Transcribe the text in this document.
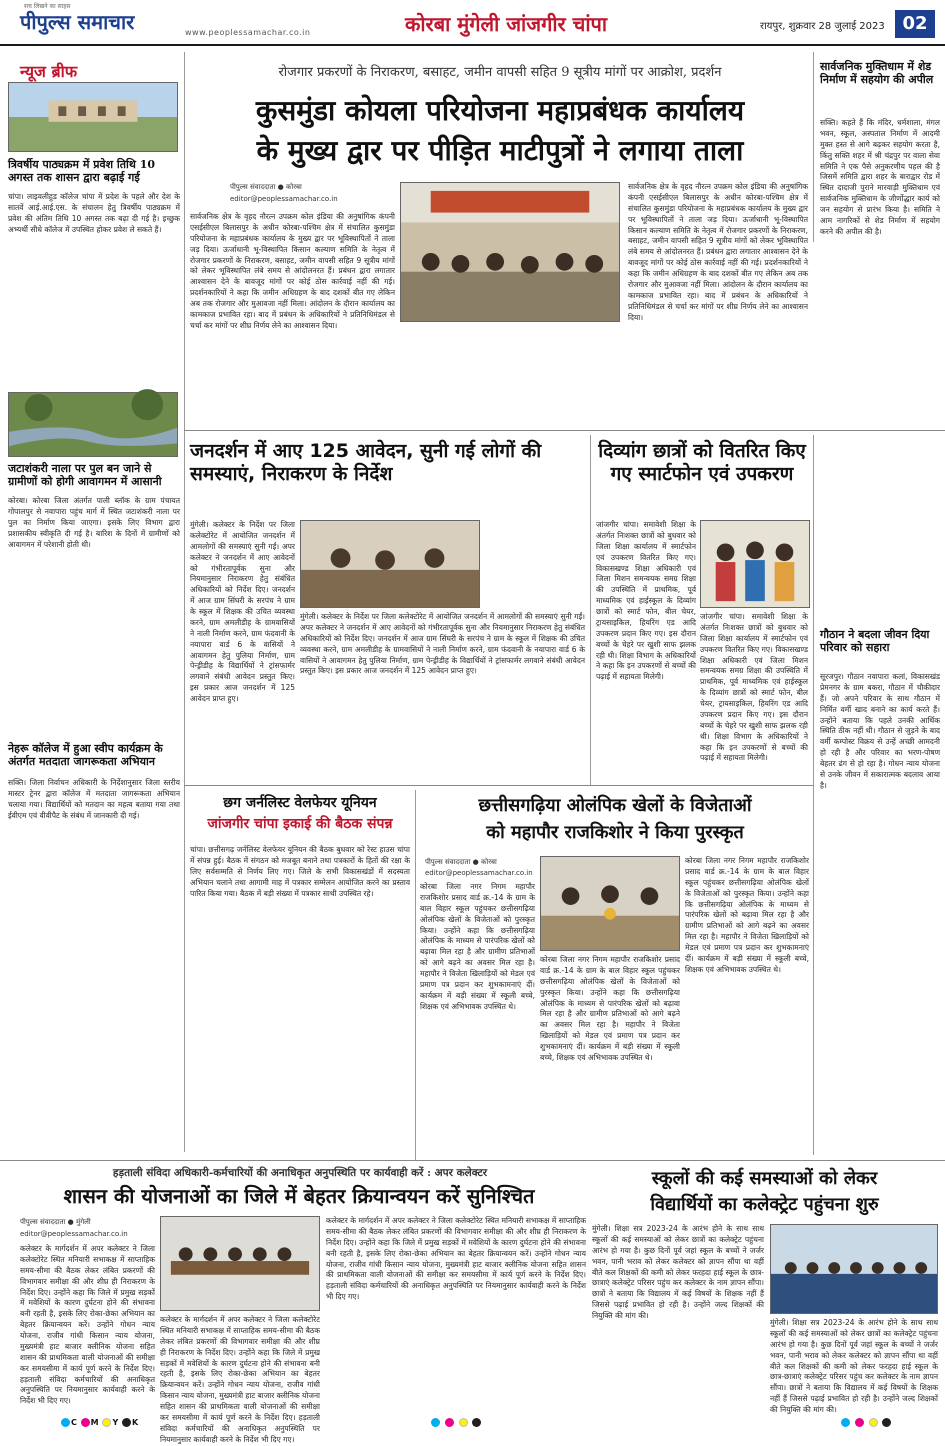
सच लिखने का साहस
पीपुल्स समाचार	www.peoplessamachar.co.in	कोरबा मुंगेली जांजगीर चांपा	रायपुर, शुक्रवार 28 जुलाई 2023 02
न्यूज ब्रीफ
त्रिवर्षीय पाठ्यक्रम में प्रवेश तिथि 10 अगस्त तक शासन द्वारा बढ़ाई गई
चांपा। लाइवलीहुड कॉलेज चांपा में प्रदेश के पहले और देश के सातवें आई.आई.एस. के संचालन हेतु त्रिवर्षीय पाठ्यक्रम में प्रवेश की अंतिम तिथि 10 अगस्त तक बढ़ा दी गई है। इच्छुक अभ्यर्थी सीधे कॉलेज में उपस्थित होकर प्रवेश ले सकते हैं।
जटाशंकरी नाला पर पुल बन जाने से ग्रामीणों को होगी आवागमन में आसानी
कोरबा। कोरबा जिला अंतर्गत पाली ब्लॉक के ग्राम पंचायत गोपालपुर से नवापारा पहुंच मार्ग में स्थित जटाशंकरी नाला पर पुल का निर्माण किया जाएगा। इसके लिए विभाग द्वारा प्रशासकीय स्वीकृति दी गई है। बारिश के दिनों में ग्रामीणों को आवागमन में परेशानी होती थी।
नेहरू कॉलेज में हुआ स्वीप कार्यक्रम के अंतर्गत मतदाता जागरूकता अभियान
सक्ति। जिला निर्वाचन अधिकारी के निर्देशानुसार जिला स्तरीय मास्टर ट्रेनर द्वारा कॉलेज में मतदाता जागरूकता अभियान चलाया गया। विद्यार्थियों को मतदान का महत्व बताया गया तथा ईवीएम एवं वीवीपैट के संबंध में जानकारी दी गई।
रोजगार प्रकरणों के निराकरण, बसाहट, जमीन वापसी सहित 9 सूत्रीय मांगों पर आक्रोश, प्रदर्शन
कुसमुंडा कोयला परियोजना महाप्रबंधक कार्यालय
के मुख्य द्वार पर पीड़ित माटीपुत्रों ने लगाया ताला
पीपुल्स संवाददाता ● कोरबा
editor@peoplessamachar.co.in
सार्वजनिक क्षेत्र के वृहद नौरत्न उपक्रम कोल इंडिया की अनुषांगिक कंपनी एसईसीएल बिलासपुर के अधीन कोरबा-पश्चिम क्षेत्र में संचालित कुसमुंडा परियोजना के महाप्रबंधक कार्यालय के मुख्य द्वार पर भूविस्थापितों ने ताला जड़ दिया। ऊर्जाधानी भू-विस्थापित किसान कल्याण समिति के नेतृत्व में रोजगार प्रकरणों के निराकरण, बसाहट, जमीन वापसी सहित 9 सूत्रीय मांगों को लेकर भूविस्थापित लंबे समय से आंदोलनरत हैं। प्रबंधन द्वारा लगातार आश्वासन देने के बावजूद मांगों पर कोई ठोस कार्रवाई नहीं की गई। प्रदर्शनकारियों ने कहा कि जमीन अधिग्रहण के बाद दशकों बीत गए लेकिन अब तक रोजगार और मुआवजा नहीं मिला। आंदोलन के दौरान कार्यालय का कामकाज प्रभावित रहा। बाद में प्रबंधन के अधिकारियों ने प्रतिनिधिमंडल से चर्चा कर मांगों पर शीघ्र निर्णय लेने का आश्वासन दिया।
सार्वजनिक क्षेत्र के वृहद नौरत्न उपक्रम कोल इंडिया की अनुषांगिक कंपनी एसईसीएल बिलासपुर के अधीन कोरबा-पश्चिम क्षेत्र में संचालित कुसमुंडा परियोजना के महाप्रबंधक कार्यालय के मुख्य द्वार पर भूविस्थापितों ने ताला जड़ दिया। ऊर्जाधानी भू-विस्थापित किसान कल्याण समिति के नेतृत्व में रोजगार प्रकरणों के निराकरण, बसाहट, जमीन वापसी सहित 9 सूत्रीय मांगों को लेकर भूविस्थापित लंबे समय से आंदोलनरत हैं। प्रबंधन द्वारा लगातार आश्वासन देने के बावजूद मांगों पर कोई ठोस कार्रवाई नहीं की गई। प्रदर्शनकारियों ने कहा कि जमीन अधिग्रहण के बाद दशकों बीत गए लेकिन अब तक रोजगार और मुआवजा नहीं मिला। आंदोलन के दौरान कार्यालय का कामकाज प्रभावित रहा। बाद में प्रबंधन के अधिकारियों ने प्रतिनिधिमंडल से चर्चा कर मांगों पर शीघ्र निर्णय लेने का आश्वासन दिया।
सार्वजनिक मुक्तिधाम में शेड निर्माण में सहयोग की अपील
सक्ति। कहते हैं कि मंदिर, धर्मशाला, मंगल भवन, स्कूल, अस्पताल निर्माण में आदमी मुक्त हस्त से आगे बढ़कर सहयोग करता है, किंतु सक्ति शहर में श्री चंद्रपुर पर वाला सेवा समिति ने एक पैसे अनुकरणीय पहल की है जिसमें समिति द्वारा शहर के बाराद्वार रोड में स्थित दादाजी पुराने मारवाड़ी मुक्तिधाम एवं सार्वजनिक मुक्तिधाम के जीर्णोद्धार कार्य को जन सहयोग से प्रारंभ किया है। समिति ने आम नागरिकों से शेड निर्माण में सहयोग करने की अपील की है।
जनदर्शन में आए 125 आवेदन, सुनी गई लोगों की समस्याएं, निराकरण के निर्देश
मुंगेली। कलेक्टर के निर्देश पर जिला कलेक्टोरेट में आयोजित जनदर्शन में आमलोगों की समस्याएं सुनी गईं। अपर कलेक्टर ने जनदर्शन में आए आवेदनों को गंभीरतापूर्वक सुना और नियमानुसार निराकरण हेतु संबंधित अधिकारियों को निर्देश दिए। जनदर्शन में आज ग्राम सिंघरी के सरपंच ने ग्राम के स्कूल में शिक्षक की उचित व्यवस्था करने, ग्राम अमलीडीह के ग्रामवासियों ने नाली निर्माण करने, ग्राम फंदवानी के नयापारा वार्ड 6 के वासियों ने आवागमन हेतु पुलिया निर्माण, ग्राम पेन्ड्रीडीह के विद्यार्थियों ने ट्रांसफार्मर लगवाने संबंधी आवेदन प्रस्तुत किए। इस प्रकार आज जनदर्शन में 125 आवेदन प्राप्त हुए।
मुंगेली। कलेक्टर के निर्देश पर जिला कलेक्टोरेट में आयोजित जनदर्शन में आमलोगों की समस्याएं सुनी गईं। अपर कलेक्टर ने जनदर्शन में आए आवेदनों को गंभीरतापूर्वक सुना और नियमानुसार निराकरण हेतु संबंधित अधिकारियों को निर्देश दिए। जनदर्शन में आज ग्राम सिंघरी के सरपंच ने ग्राम के स्कूल में शिक्षक की उचित व्यवस्था करने, ग्राम अमलीडीह के ग्रामवासियों ने नाली निर्माण करने, ग्राम फंदवानी के नयापारा वार्ड 6 के वासियों ने आवागमन हेतु पुलिया निर्माण, ग्राम पेन्ड्रीडीह के विद्यार्थियों ने ट्रांसफार्मर लगवाने संबंधी आवेदन प्रस्तुत किए। इस प्रकार आज जनदर्शन में 125 आवेदन प्राप्त हुए।
दिव्यांग छात्रों को वितरित किए गए स्मार्टफोन एवं उपकरण
जांजगीर चांपा। समावेशी शिक्षा के अंतर्गत निःशक्त छात्रों को बुधवार को जिला शिक्षा कार्यालय में स्मार्टफोन एवं उपकरण वितरित किए गए। विकासखण्ड शिक्षा अधिकारी एवं जिला मिशन समन्वयक समग्र शिक्षा की उपस्थिति में प्राथमिक, पूर्व माध्यमिक एवं हाईस्कूल के दिव्यांग छात्रों को स्मार्ट फोन, बील चेयर, ट्रायसाइकिल, हियरिंग एड आदि उपकरण प्रदान किए गए। इस दौरान बच्चों के चेहरे पर खुशी साफ झलक रही थी। शिक्षा विभाग के अधिकारियों ने कहा कि इन उपकरणों से बच्चों की पढ़ाई में सहायता मिलेगी।
जांजगीर चांपा। समावेशी शिक्षा के अंतर्गत निःशक्त छात्रों को बुधवार को जिला शिक्षा कार्यालय में स्मार्टफोन एवं उपकरण वितरित किए गए। विकासखण्ड शिक्षा अधिकारी एवं जिला मिशन समन्वयक समग्र शिक्षा की उपस्थिति में प्राथमिक, पूर्व माध्यमिक एवं हाईस्कूल के दिव्यांग छात्रों को स्मार्ट फोन, बील चेयर, ट्रायसाइकिल, हियरिंग एड आदि उपकरण प्रदान किए गए। इस दौरान बच्चों के चेहरे पर खुशी साफ झलक रही थी। शिक्षा विभाग के अधिकारियों ने कहा कि इन उपकरणों से बच्चों की पढ़ाई में सहायता मिलेगी।
गौठान ने बदला जीवन दिया परिवार को सहारा
सूरजपुर। गौठान नवापारा कलां, विकासखंड प्रेमनगर के ग्राम बकरा, गौठान में चौकीदार हैं। जो अपने परिवार के साथ गौठान में निर्मित वर्मी खाद बनाने का कार्य करते हैं। उन्होंने बताया कि पहले उनकी आर्थिक स्थिति ठीक नहीं थी। गौठान से जुड़ने के बाद वर्मी कम्पोस्ट विक्रय से उन्हें अच्छी आमदनी हो रही है और परिवार का भरण-पोषण बेहतर ढंग से हो रहा है। गोधन न्याय योजना से उनके जीवन में सकारात्मक बदलाव आया है।
छग जर्नलिस्ट वेलफेयर यूनियन
जांजगीर चांपा इकाई की बैठक संपन्न
चांपा। छत्तीसगढ़ जर्नलिस्ट वेलफेयर यूनियन की बैठक बुधवार को रेस्ट हाउस चांपा में संपन्न हुई। बैठक में संगठन को मजबूत बनाने तथा पत्रकारों के हितों की रक्षा के लिए सर्वसम्मति से निर्णय लिए गए। जिले के सभी विकासखंडों में सदस्यता अभियान चलाने तथा आगामी माह में पत्रकार सम्मेलन आयोजित करने का प्रस्ताव पारित किया गया। बैठक में बड़ी संख्या में पत्रकार साथी उपस्थित रहे।
छत्तीसगढ़िया ओलंपिक खेलों के विजेताओं
को महापौर राजकिशोर ने किया पुरस्कृत
पीपुल्स संवाददाता ● कोरबा
editor@peoplessamachar.co.in
कोरबा जिला नगर निगम महापौर राजकिशोर प्रसाद वार्ड क्र.-14 के ग्राम के बाल विहार स्कूल पहुंचकर छत्तीसगढ़िया ओलंपिक खेलों के विजेताओं को पुरस्कृत किया। उन्होंने कहा कि छत्तीसगढ़िया ओलंपिक के माध्यम से पारंपरिक खेलों को बढ़ावा मिल रहा है और ग्रामीण प्रतिभाओं को आगे बढ़ने का अवसर मिल रहा है। महापौर ने विजेता खिलाड़ियों को मेडल एवं प्रमाण पत्र प्रदान कर शुभकामनाएं दीं। कार्यक्रम में बड़ी संख्या में स्कूली बच्चे, शिक्षक एवं अभिभावक उपस्थित थे।
कोरबा जिला नगर निगम महापौर राजकिशोर प्रसाद वार्ड क्र.-14 के ग्राम के बाल विहार स्कूल पहुंचकर छत्तीसगढ़िया ओलंपिक खेलों के विजेताओं को पुरस्कृत किया। उन्होंने कहा कि छत्तीसगढ़िया ओलंपिक के माध्यम से पारंपरिक खेलों को बढ़ावा मिल रहा है और ग्रामीण प्रतिभाओं को आगे बढ़ने का अवसर मिल रहा है। महापौर ने विजेता खिलाड़ियों को मेडल एवं प्रमाण पत्र प्रदान कर शुभकामनाएं दीं। कार्यक्रम में बड़ी संख्या में स्कूली बच्चे, शिक्षक एवं अभिभावक उपस्थित थे।
कोरबा जिला नगर निगम महापौर राजकिशोर प्रसाद वार्ड क्र.-14 के ग्राम के बाल विहार स्कूल पहुंचकर छत्तीसगढ़िया ओलंपिक खेलों के विजेताओं को पुरस्कृत किया। उन्होंने कहा कि छत्तीसगढ़िया ओलंपिक के माध्यम से पारंपरिक खेलों को बढ़ावा मिल रहा है और ग्रामीण प्रतिभाओं को आगे बढ़ने का अवसर मिल रहा है। महापौर ने विजेता खिलाड़ियों को मेडल एवं प्रमाण पत्र प्रदान कर शुभकामनाएं दीं। कार्यक्रम में बड़ी संख्या में स्कूली बच्चे, शिक्षक एवं अभिभावक उपस्थित थे।
हड़ताली संविदा अधिकारी-कर्मचारियों की अनाधिकृत अनुपस्थिति पर कार्यवाही करें : अपर कलेक्टर
शासन की योजनाओं का जिले में बेहतर क्रियान्वयन करें सुनिश्चित
पीपुल्स संवाददाता ● मुंगेली
editor@peoplessamachar.co.in
कलेक्टर के मार्गदर्शन में अपर कलेक्टर ने जिला कलेक्टोरेट स्थित मनियारी सभाकक्ष में साप्ताहिक समय-सीमा की बैठक लेकर लंबित प्रकरणों की विभागवार समीक्षा की और शीघ्र ही निराकरण के निर्देश दिए। उन्होंने कहा कि जिले में प्रमुख सड़कों में मवेशियों के कारण दुर्घटना होने की संभावना बनी रहती है, इसके लिए रोका-छेका अभियान का बेहतर क्रियान्वयन करें। उन्होंने गोधन न्याय योजना, राजीव गांधी किसान न्याय योजना, मुख्यमंत्री हाट बाजार क्लीनिक योजना सहित शासन की प्राथमिकता वाली योजनाओं की समीक्षा कर समयसीमा में कार्य पूर्ण करने के निर्देश दिए। हड़ताली संविदा कर्मचारियों की अनाधिकृत अनुपस्थिति पर नियमानुसार कार्यवाही करने के निर्देश भी दिए गए।
कलेक्टर के मार्गदर्शन में अपर कलेक्टर ने जिला कलेक्टोरेट स्थित मनियारी सभाकक्ष में साप्ताहिक समय-सीमा की बैठक लेकर लंबित प्रकरणों की विभागवार समीक्षा की और शीघ्र ही निराकरण के निर्देश दिए। उन्होंने कहा कि जिले में प्रमुख सड़कों में मवेशियों के कारण दुर्घटना होने की संभावना बनी रहती है, इसके लिए रोका-छेका अभियान का बेहतर क्रियान्वयन करें। उन्होंने गोधन न्याय योजना, राजीव गांधी किसान न्याय योजना, मुख्यमंत्री हाट बाजार क्लीनिक योजना सहित शासन की प्राथमिकता वाली योजनाओं की समीक्षा कर समयसीमा में कार्य पूर्ण करने के निर्देश दिए। हड़ताली संविदा कर्मचारियों की अनाधिकृत अनुपस्थिति पर नियमानुसार कार्यवाही करने के निर्देश भी दिए गए।
कलेक्टर के मार्गदर्शन में अपर कलेक्टर ने जिला कलेक्टोरेट स्थित मनियारी सभाकक्ष में साप्ताहिक समय-सीमा की बैठक लेकर लंबित प्रकरणों की विभागवार समीक्षा की और शीघ्र ही निराकरण के निर्देश दिए। उन्होंने कहा कि जिले में प्रमुख सड़कों में मवेशियों के कारण दुर्घटना होने की संभावना बनी रहती है, इसके लिए रोका-छेका अभियान का बेहतर क्रियान्वयन करें। उन्होंने गोधन न्याय योजना, राजीव गांधी किसान न्याय योजना, मुख्यमंत्री हाट बाजार क्लीनिक योजना सहित शासन की प्राथमिकता वाली योजनाओं की समीक्षा कर समयसीमा में कार्य पूर्ण करने के निर्देश दिए। हड़ताली संविदा कर्मचारियों की अनाधिकृत अनुपस्थिति पर नियमानुसार कार्यवाही करने के निर्देश भी दिए गए।
स्कूलों की कई समस्याओं को लेकर
विद्यार्थियों का कलेक्ट्रेट पहुंचना शुरु
मुंगेली। शिक्षा सत्र 2023-24 के आरंभ होने के साथ साथ स्कूलों की कई समस्याओं को लेकर छात्रों का कलेक्ट्रेट पहुंचना आरंभ हो गया है। कुछ दिनों पूर्व जहां स्कूल के बच्चों ने जर्जर भवन, पानी भराव को लेकर कलेक्टर को ज्ञापन सौंपा था वहीं बीते कल शिक्षकों की कमी को लेकर फरहदा हाई स्कूल के छात्र-छात्राएं कलेक्ट्रेट परिसर पहुंच कर कलेक्टर के नाम ज्ञापन सौंपा। छात्रों ने बताया कि विद्यालय में कई विषयों के शिक्षक नहीं हैं जिससे पढ़ाई प्रभावित हो रही है। उन्होंने जल्द शिक्षकों की नियुक्ति की मांग की।
मुंगेली। शिक्षा सत्र 2023-24 के आरंभ होने के साथ साथ स्कूलों की कई समस्याओं को लेकर छात्रों का कलेक्ट्रेट पहुंचना आरंभ हो गया है। कुछ दिनों पूर्व जहां स्कूल के बच्चों ने जर्जर भवन, पानी भराव को लेकर कलेक्टर को ज्ञापन सौंपा था वहीं बीते कल शिक्षकों की कमी को लेकर फरहदा हाई स्कूल के छात्र-छात्राएं कलेक्ट्रेट परिसर पहुंच कर कलेक्टर के नाम ज्ञापन सौंपा। छात्रों ने बताया कि विद्यालय में कई विषयों के शिक्षक नहीं हैं जिससे पढ़ाई प्रभावित हो रही है। उन्होंने जल्द शिक्षकों की नियुक्ति की मांग की।
C M Y K
